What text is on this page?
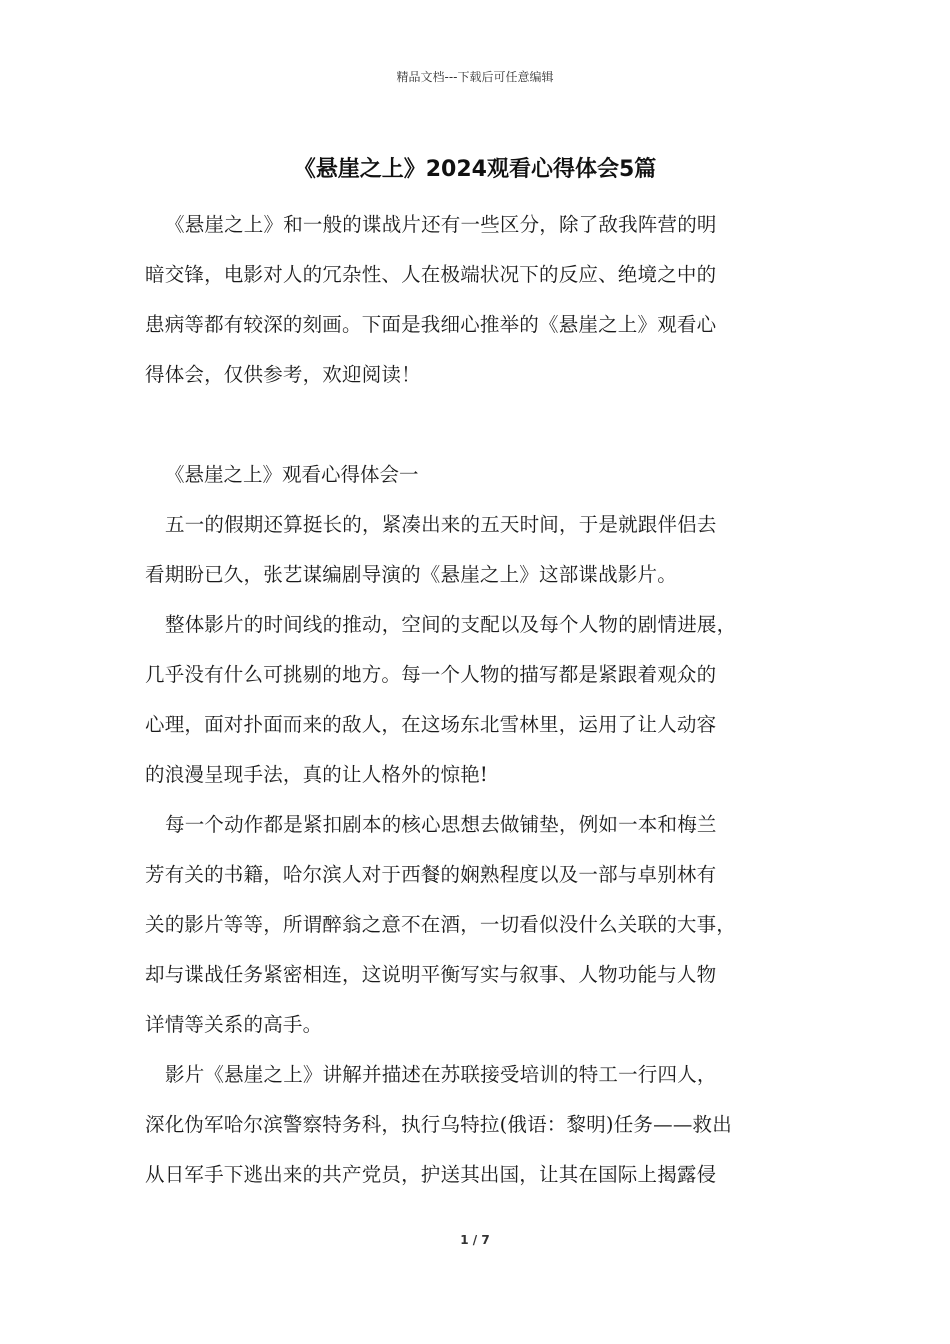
精品文档---下载后可任意编辑
《悬崖之上》2024观看心得体会5篇
《悬崖之上》和一般的谍战片还有一些区分，除了敌我阵营的明
暗交锋，电影对人的冗杂性、人在极端状况下的反应、绝境之中的
患病等都有较深的刻画。下面是我细心推举的《悬崖之上》观看心
得体会，仅供参考，欢迎阅读！
《悬崖之上》观看心得体会一
五一的假期还算挺长的，紧凑出来的五天时间，于是就跟伴侣去
看期盼已久，张艺谋编剧导演的《悬崖之上》这部谍战影片。
整体影片的时间线的推动，空间的支配以及每个人物的剧情进展，
几乎没有什么可挑剔的地方。每一个人物的描写都是紧跟着观众的
心理，面对扑面而来的敌人，在这场东北雪林里，运用了让人动容
的浪漫呈现手法，真的让人格外的惊艳!
每一个动作都是紧扣剧本的核心思想去做铺垫，例如一本和梅兰
芳有关的书籍，哈尔滨人对于西餐的娴熟程度以及一部与卓别林有
关的影片等等，所谓醉翁之意不在酒，一切看似没什么关联的大事，
却与谍战任务紧密相连，这说明平衡写实与叙事、人物功能与人物
详情等关系的高手。
影片《悬崖之上》讲解并描述在苏联接受培训的特工一行四人，
深化伪军哈尔滨警察特务科，执行乌特拉(俄语：黎明)任务——救出
从日军手下逃出来的共产党员，护送其出国，让其在国际上揭露侵
1 / 7
